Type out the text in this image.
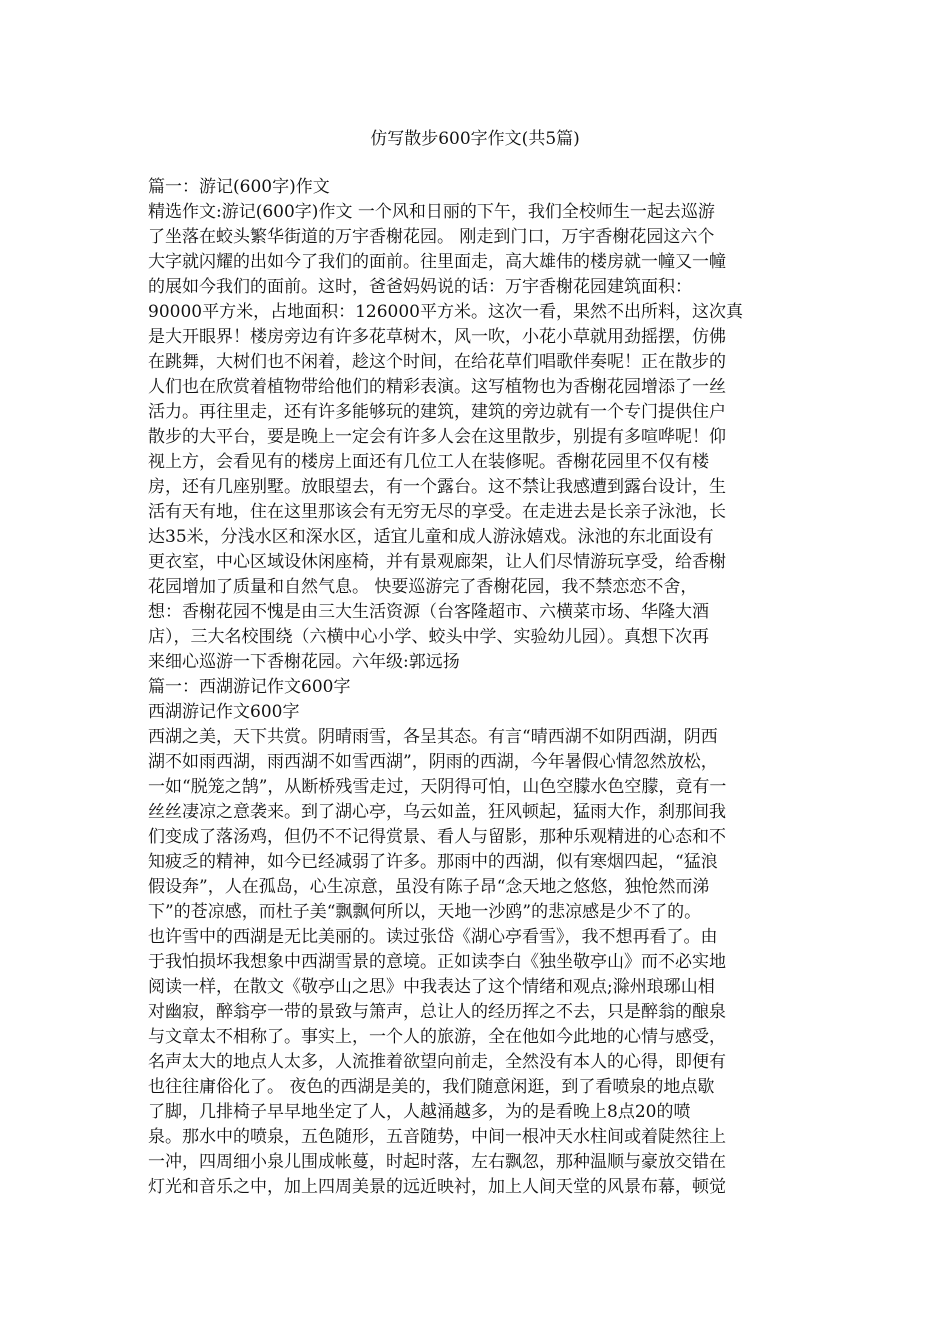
仿写散步600字作文(共5篇)
篇一：游记(600字)作文
精选作文:游记(600字)作文 一个风和日丽的下午，我们全校师生一起去巡游
了坐落在蛟头繁华街道的万宇香榭花园。 刚走到门口，万宇香榭花园这六个
大字就闪耀的出如今了我们的面前。往里面走，高大雄伟的楼房就一幢又一幢
的展如今我们的面前。这时，爸爸妈妈说的话：万宇香榭花园建筑面积：
90000平方米，占地面积：126000平方米。这次一看，果然不出所料，这次真
是大开眼界！楼房旁边有许多花草树木，风一吹，小花小草就用劲摇摆，仿佛
在跳舞，大树们也不闲着，趁这个时间，在给花草们唱歌伴奏呢！正在散步的
人们也在欣赏着植物带给他们的精彩表演。这写植物也为香榭花园增添了一丝
活力。再往里走，还有许多能够玩的建筑，建筑的旁边就有一个专门提供住户
散步的大平台，要是晚上一定会有许多人会在这里散步，别提有多喧哗呢！仰
视上方，会看见有的楼房上面还有几位工人在装修呢。香榭花园里不仅有楼
房，还有几座别墅。放眼望去，有一个露台。这不禁让我感遭到露台设计，生
活有天有地，住在这里那该会有无穷无尽的享受。在走进去是长亲子泳池，长
达35米，分浅水区和深水区，适宜儿童和成人游泳嬉戏。泳池的东北面设有
更衣室，中心区域设休闲座椅，并有景观廊架，让人们尽情游玩享受，给香榭
花园增加了质量和自然气息。 快要巡游完了香榭花园，我不禁恋恋不舍，
想：香榭花园不愧是由三大生活资源（台客隆超市、六横菜市场、华隆大酒
店），三大名校围绕（六横中心小学、蛟头中学、实验幼儿园）。真想下次再
来细心巡游一下香榭花园。六年级:郭远扬
篇一：西湖游记作文600字
西湖游记作文600字
西湖之美，天下共赏。阴晴雨雪，各呈其态。有言“晴西湖不如阴西湖，阴西
湖不如雨西湖，雨西湖不如雪西湖”，阴雨的西湖，今年暑假心情忽然放松，
一如“脱笼之鹄”，从断桥残雪走过，天阴得可怕，山色空朦水色空朦，竟有一
丝丝凄凉之意袭来。到了湖心亭，乌云如盖，狂风顿起，猛雨大作，刹那间我
们变成了落汤鸡，但仍不不记得赏景、看人与留影，那种乐观精进的心态和不
知疲乏的精神，如今已经减弱了许多。那雨中的西湖，似有寒烟四起，“猛浪
假设奔”，人在孤岛，心生凉意，虽没有陈子昂“念天地之悠悠，独怆然而涕
下”的苍凉感，而杜子美“飘飘何所以，天地一沙鸥”的悲凉感是少不了的。
也许雪中的西湖是无比美丽的。读过张岱《湖心亭看雪》，我不想再看了。由
于我怕损坏我想象中西湖雪景的意境。正如读李白《独坐敬亭山》而不必实地
阅读一样，在散文《敬亭山之思》中我表达了这个情绪和观点;滁州琅琊山相
对幽寂，醉翁亭一带的景致与箫声，总让人的经历挥之不去，只是醉翁的酿泉
与文章太不相称了。事实上，一个人的旅游，全在他如今此地的心情与感受，
名声太大的地点人太多，人流推着欲望向前走，全然没有本人的心得，即便有
也往往庸俗化了。 夜色的西湖是美的，我们随意闲逛，到了看喷泉的地点歇
了脚，几排椅子早早地坐定了人，人越涌越多，为的是看晚上8点20的喷
泉。那水中的喷泉，五色随形，五音随势，中间一根冲天水柱间或着陡然往上
一冲，四周细小泉儿围成帐蔓，时起时落，左右飘忽，那种温顺与豪放交错在
灯光和音乐之中，加上四周美景的远近映衬，加上人间天堂的风景布幕，顿觉
